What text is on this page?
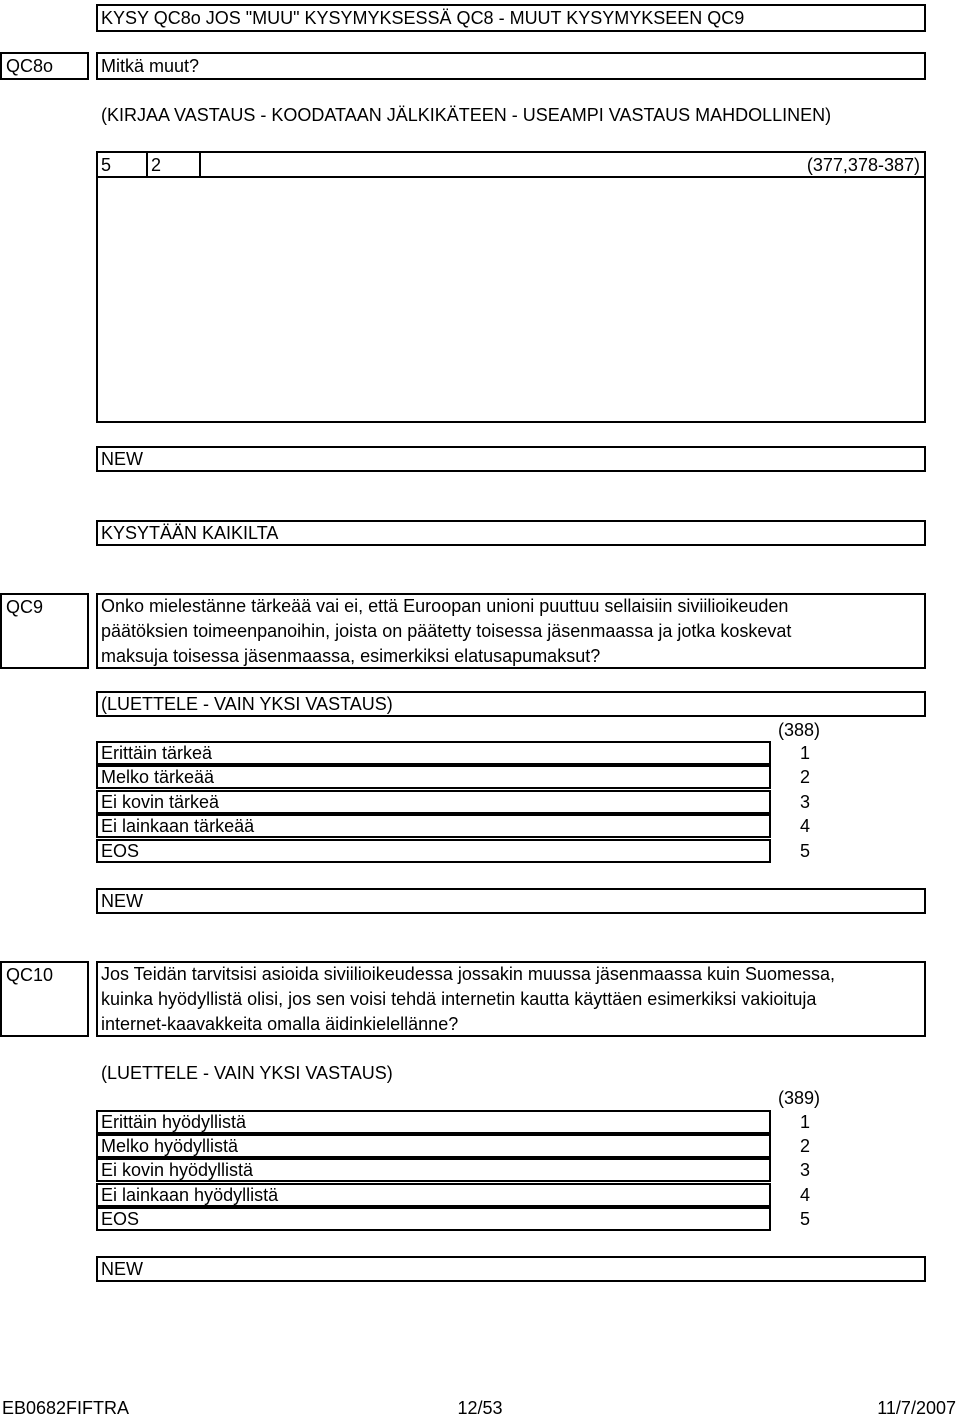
KYSY QC8o JOS "MUU" KYSYMYKSESSÄ QC8 - MUUT KYSYMYKSEEN QC9
QC8o	Mitkä muut?
(KIRJAA VASTAUS - KOODATAAN JÄLKIKÄTEEN - USEAMPI VASTAUS MAHDOLLINEN)
5 2	(377,378-387)
NEW
KYSYTÄÄN KAIKILTA
QC9	Onko mielestänne tärkeää vai ei, että Euroopan unioni puuttuu sellaisiin siviilioikeuden
päätöksien toimeenpanoihin, joista on päätetty toisessa jäsenmaassa ja jotka koskevat
maksuja toisessa jäsenmaassa, esimerkiksi elatusapumaksut?
(LUETTELE - VAIN YKSI VASTAUS)
(388)
Erittäin tärkeä	1
Melko tärkeää	2
Ei kovin tärkeä	3
Ei lainkaan tärkeää	4
EOS	5
NEW
QC10	Jos Teidän tarvitsisi asioida siviilioikeudessa jossakin muussa jäsenmaassa kuin Suomessa,
kuinka hyödyllistä olisi, jos sen voisi tehdä internetin kautta käyttäen esimerkiksi vakioituja
internet-kaavakkeita omalla äidinkielellänne?
(LUETTELE - VAIN YKSI VASTAUS)
(389)
Erittäin hyödyllistä	1
Melko hyödyllistä	2
Ei kovin hyödyllistä	3
Ei lainkaan hyödyllistä	4
EOS	5
NEW
EB0682FIFTRA	12/53	11/7/2007
